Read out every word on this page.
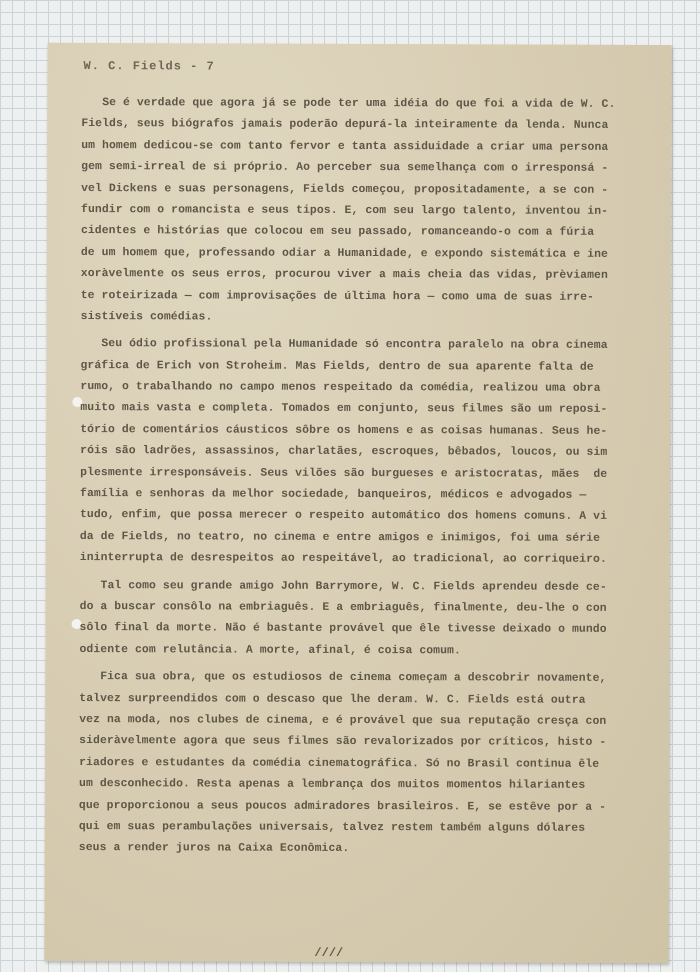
W. C. Fields - 7

Se é verdade que agora já se pode ter uma idéia do que foi a vida de W. C.
Fields, seus biógrafos jamais poderão depurá-la inteiramente da lenda. Nunca
um homem dedicou-se com tanto fervor e tanta assiduidade a criar uma persona
gem semi-irreal de si próprio. Ao perceber sua semelhança com o irresponsá -
vel Dickens e suas personagens, Fields começou, propositadamente, a se con -
fundir com o romancista e seus tipos. E, com seu largo talento, inventou in-
cidentes e histórias que colocou em seu passado, romanceando-o com a fúria
de um homem que, professando odiar a Humanidade, e expondo sistemática e ine
xoràvelmente os seus erros, procurou viver a mais cheia das vidas, prèviamen
te roteirizada — com improvisações de última hora — como uma de suas irre-
sistíveis comédias.
Seu ódio profissional pela Humanidade só encontra paralelo na obra cinema
gráfica de Erich von Stroheim. Mas Fields, dentro de sua aparente falta de
rumo, o trabalhando no campo menos respeitado da comédia, realizou uma obra
muito mais vasta e completa. Tomados em conjunto, seus filmes são um reposi-
tório de comentários cáusticos sôbre os homens e as coisas humanas. Seus he-
róis são ladrões, assassinos, charlatães, escroques, bêbados, loucos, ou sim
plesmente irresponsáveis. Seus vilões são burgueses e aristocratas, mães  de
família e senhoras da melhor sociedade, banqueiros, médicos e advogados —
tudo, enfim, que possa merecer o respeito automático dos homens comuns. A vi
da de Fields, no teatro, no cinema e entre amigos e inimigos, foi uma série
ininterrupta de desrespeitos ao respeitável, ao tradicional, ao corriqueiro.
Tal como seu grande amigo John Barrymore, W. C. Fields aprendeu desde ce-
do a buscar consôlo na embriaguês. E a embriaguês, finalmente, deu-lhe o con
sôlo final da morte. Não é bastante provável que êle tivesse deixado o mundo
odiente com relutância. A morte, afinal, é coisa comum.
Fica sua obra, que os estudiosos de cinema começam a descobrir novamente,
talvez surpreendidos com o descaso que lhe deram. W. C. Fields está outra
vez na moda, nos clubes de cinema, e é provável que sua reputação cresça con
sideràvelmente agora que seus filmes são revalorizados por críticos, histo -
riadores e estudantes da comédia cinematográfica. Só no Brasil continua êle
um desconhecido. Resta apenas a lembrança dos muitos momentos hilariantes
que proporcionou a seus poucos admiradores brasileiros. E, se estêve por a -
qui em suas perambulações universais, talvez restem também alguns dólares
seus a render juros na Caixa Econômica.

////
